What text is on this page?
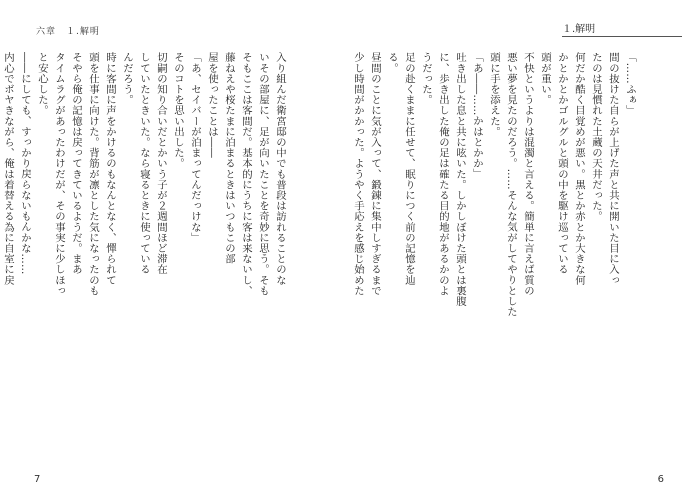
六章　１.解明
入り組んだ衛宮邸の中でも普段は訪れることのな
いその部屋に、足が向いたことを奇妙に思う。そも
そもここは客間だ。基本的にうちに客は来ないし、
藤ねえや桜たまに泊まるときはいつもこの部
屋を使ったことは――
「あ、セイバーが泊まってんだっけな」
そのコトを思い出した。
切嗣の知り合いだとかいう子が２週間ほど滞在
していたときいた。なら寝るときに使っている
んだろう。
時に客間に声をかけるのもなんとなく、憚られて
頭を仕事に向けた。背筋が凛とした気になったのも
そやら俺の記憶は戻ってきているようだ。まあ
タイムラグがあったわけだが、その事実に少しほっ
と安心した。
――にしても、すっかり戻らないもんかな……
内心でボヤきながら、俺は着替える為に自室に戻
7
１.解明
「……ふぁ」
間の抜けた自らが上げた声と共に開いた目に入っ
たのは見慣れた土蔵の天井だった。
何だか酷く目覚めが悪い。黒とか赤とか大きな何
かとかとかゴルグルと頭の中を駆け巡っている
頭が重い。
不快というよりは混濁と言える。簡単に言えば質の
悪い夢を見たのだろう。……そんな気がしてやりとした
頭に手を添えた。
「あ――……かはとかか」
吐き出した息と共に呟いた。しかしぼけた頭とは裏腹
に、歩き出した俺の足は確たる目的地があるかのよ
うだった。
足の赴くままに任せて、眠りにつく前の記憶を辿
る。
昼間のことに気が入って、鍛錬に集中しすぎるまで
少し時間がかかった。ようやく手応えを感じ始めた
6
